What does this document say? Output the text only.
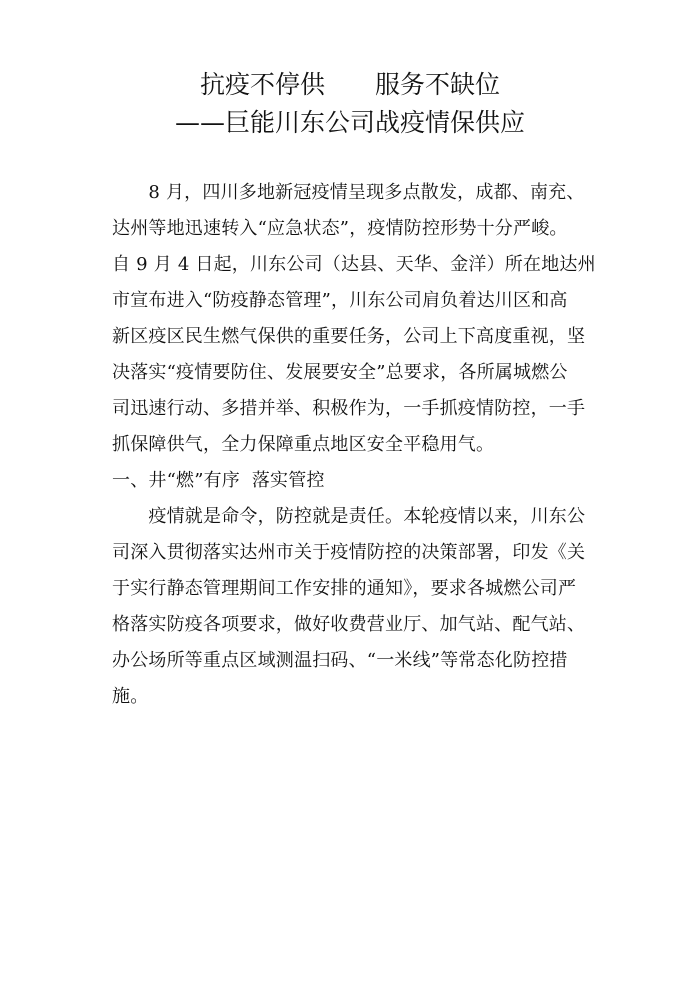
抗疫不停供　　服务不缺位
——巨能川东公司战疫情保供应
　　8 月，四川多地新冠疫情呈现多点散发，成都、南充、
达州等地迅速转入“应急状态”，疫情防控形势十分严峻。
自 9 月 4 日起，川东公司（达县、天华、金洋）所在地达州
市宣布进入“防疫静态管理”，川东公司肩负着达川区和高
新区疫区民生燃气保供的重要任务，公司上下高度重视，坚
决落实“疫情要防住、发展要安全”总要求，各所属城燃公
司迅速行动、多措并举、积极作为，一手抓疫情防控，一手
抓保障供气，全力保障重点地区安全平稳用气。
一、井“燃”有序  落实管控
　　疫情就是命令，防控就是责任。本轮疫情以来，川东公
司深入贯彻落实达州市关于疫情防控的决策部署，印发《关
于实行静态管理期间工作安排的通知》，要求各城燃公司严
格落实防疫各项要求，做好收费营业厅、加气站、配气站、
办公场所等重点区域测温扫码、“一米线”等常态化防控措
施。
